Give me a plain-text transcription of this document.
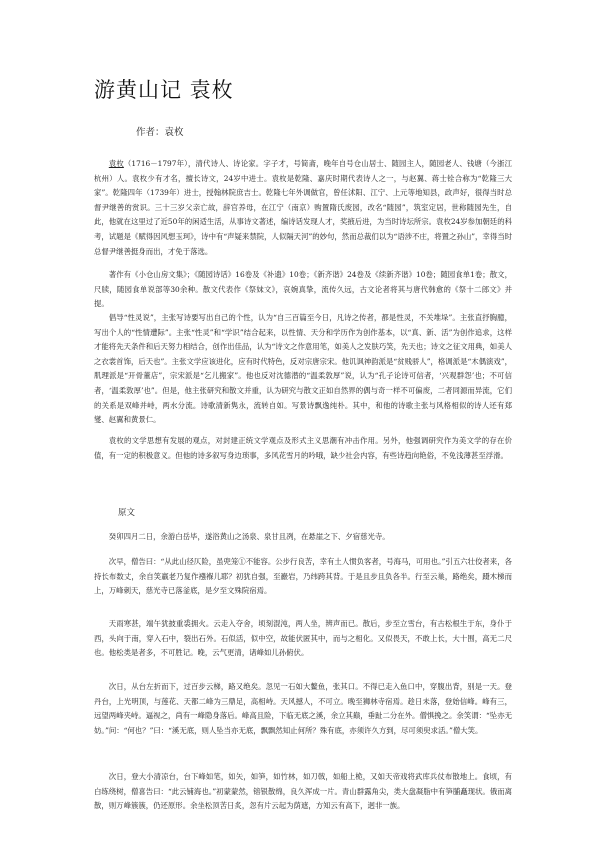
游黄山记 袁枚
作者：袁枚

袁枚（1716－1797年），清代诗人、诗论家。字子才，号简斋，晚年自号仓山居士、随园主人，随园老人、钱塘（今浙江杭州）人。袁枚少有才名，擅长诗文，24岁中进士。袁枚是乾隆、嘉庆时期代表诗人之一，与赵翼、蒋士铨合称为“乾隆三大家”。乾隆四年（1739年）进士，授翰林院庶吉士。乾隆七年外调做官，曾任沭阳、江宁、上元等地知县，政声好，很得当时总督尹继善的赏识。三十三岁父亲亡故，辞官养母，在江宁（南京）购置隋氏废园，改名“随园”，筑室定居，世称随园先生，自此，他就在这里过了近50年的闲适生活，从事诗文著述，编诗话发现人才，奖掖后进，为当时诗坛所宗。袁枚24岁参加朝廷的科考，试题是《赋得因风想玉珂》，诗中有“声疑来禁院，人似隔天河”的妙句，然而总裁们以为“语涉不庄，将置之孙山”，幸得当时总督尹继善挺身而出，才免于落选。

著作有《小仓山房文集》；《随园诗话》16卷及《补遗》10卷；《新齐谐》24卷及《续新齐谐》10卷；随园食单1卷；散文，尺牍，随园食单说部等30余种。散文代表作《祭妹文》，哀婉真挚，流传久远，古文论者将其与唐代韩愈的《祭十二郎文》并提。

倡导“性灵说”，主张写诗要写出自己的个性，认为“自三百篇至今日，凡诗之传者，都是性灵，不关堆垛”。主张直抒胸臆，写出个人的“性情遭际”。主张“性灵”和“学识”结合起来，以性情、天分和学历作为创作基本，以“真、新、活”为创作追求，这样才能将先天条件和后天努力相结合，创作出佳品，认为“诗文之作意用笔，如美人之发肤巧笑，先天也；诗文之征文用典，如美人之衣裳首饰，后天也”。主张文学应该进化，应有时代特色，反对宗唐宗宋。他讥讽神韵派是“贫贱骄人”，格调派是“木偶演戏”，肌理派是“开骨董店”，宗宋派是“乞儿搬家”。他也反对沈德潜的“温柔敦厚”说，认为“孔子论诗可信者，‘兴观群怨’也；不可信者，‘温柔敦厚’也”。但是，他主张研究和散文并重，认为研究与散文正如自然界的偶与奇一样不可偏废，二者同源而异流，它们的关系是双峰并峙，两水分流。诗歌清新隽永，流转自如。写景诗飘逸纯朴。其中，和他的诗歌主张与风格相似的诗人还有郑燮、赵翼和黄景仁。

袁枚的文学思想有发展的观点，对封建正统文学观点及形式主义思潮有冲击作用。另外，他强调研究作为美文学的存在价值，有一定的积极意义。但他的诗多叙写身边琐事，多风花雪月的吟哦，缺少社会内容，有些诗趋向艳俗，不免浅薄甚至浮滑。

原文

癸卯四月二日，余游白岳毕，遂浴黄山之汤泉、泉甘且冽，在悬崖之下、夕宿慈光寺。

次早，僧告曰：“从此山径仄险，虽兜笼①不能容。公步行良苦，幸有土人惯负客者，号海马，可用也。”引五六壮佼者来，各持长布数丈，余自笑羸老乃复作襁褓儿耶？初犹自强，至巖岩，乃纬跨其背。于是且步且负各半。行至云巢，路绝矣，蹑木梯而上，万峰刺天，慈光寺已落釜底，是夕至文殊院宿焉。

天雨寒甚，端午犹披重裘拥火。云走入夺舍，顷刻混沌，两人坐，辨声而已。散后，步至立雪台，有古松根生于东，身仆于西，头向于南，穿入石中，裂出石外。石似活，似中空，故能伏匿其中，而与之相化。又似畏天，不敢上长，大十围，高无二尺也。他松类是者多，不可胜记。晚，云气更清，诸峰如儿孙俯伏。

次日，从台左折而下，过百步云梯，路又绝矣。忽见一石如大鳌鱼，张其口。不得已走入鱼口中，穿腹出背，别是一天。登丹台，上光明顶，与莲花、天都二峰为三鼎足，高相峙。天风撼人，不可立。晚至狮林寺宿焉。趁日未落，登始信峰。峰有三，远望两峰夹峙。逼视之，尚有一峰隐身落后。峰高且险，下临无底之溪，余立其巅，垂趾二分在外。僧惧挽之。余笑谓：“坠亦无妨。”问：“何也？”曰：“溪无底，则人坠当亦无底，飘飘然知止何所？殊有底，亦须许久方到，尽可须臾求活。”僧大笑。

次日，登大小清凉台，台下峰如笔，如矢，如笋，如竹林，如刀戟，如船上桅，又如天帝戏将武库兵仗布散地上。食顷，有白练绕树，僧喜告曰：“此云铺海也。”初蒙蒙然，镕银散绵，良久浑成一片。青山群露角尖，类大盘凝脂中有笋脯矗现状。俄而离散，则万峰簇簇，仍还原形。余坐松顶苦日炙，忽有片云起为荫遮，方知云有高下，迥非一族。
